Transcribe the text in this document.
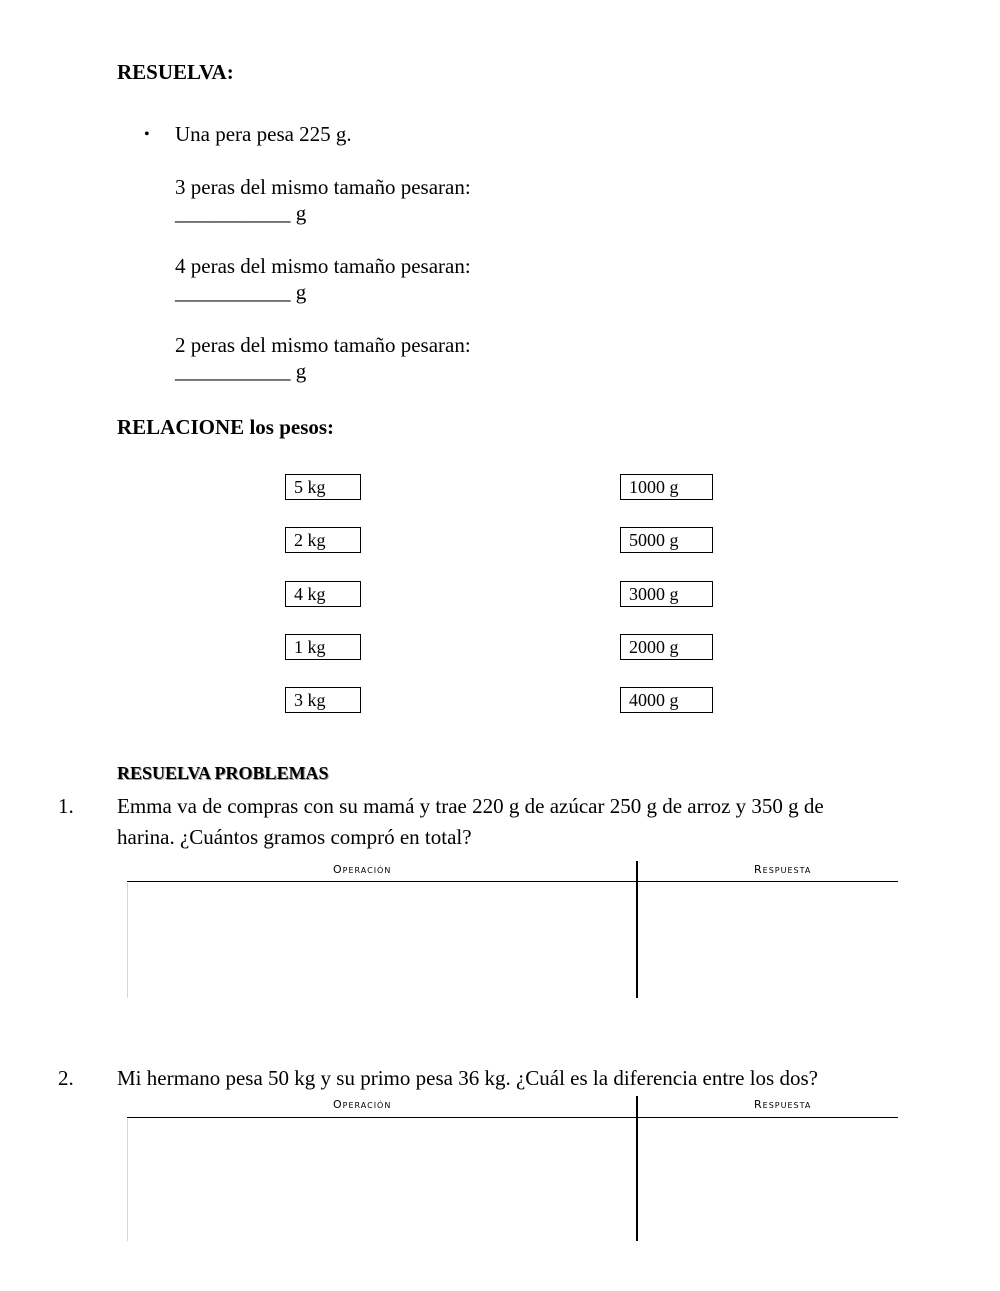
RESUELVA:
• Una pera pesa 225 g.
3 peras del mismo tamaño pesaran:
___________ g
4 peras del mismo tamaño pesaran:
___________ g
2 peras del mismo tamaño pesaran:
___________ g
RELACIONE los pesos:
5 kg
2 kg
4 kg
1 kg
3 kg
1000 g
5000 g
3000 g
2000 g
4000 g
RESUELVA PROBLEMAS
1. Emma va de compras con su mamá y trae 220 g de azúcar 250 g de arroz y 350 g de
harina. ¿Cuántos gramos compró en total?
Operación	Respuesta
2. Mi hermano pesa 50 kg y su primo pesa 36 kg. ¿Cuál es la diferencia entre los dos?
Operación	Respuesta
